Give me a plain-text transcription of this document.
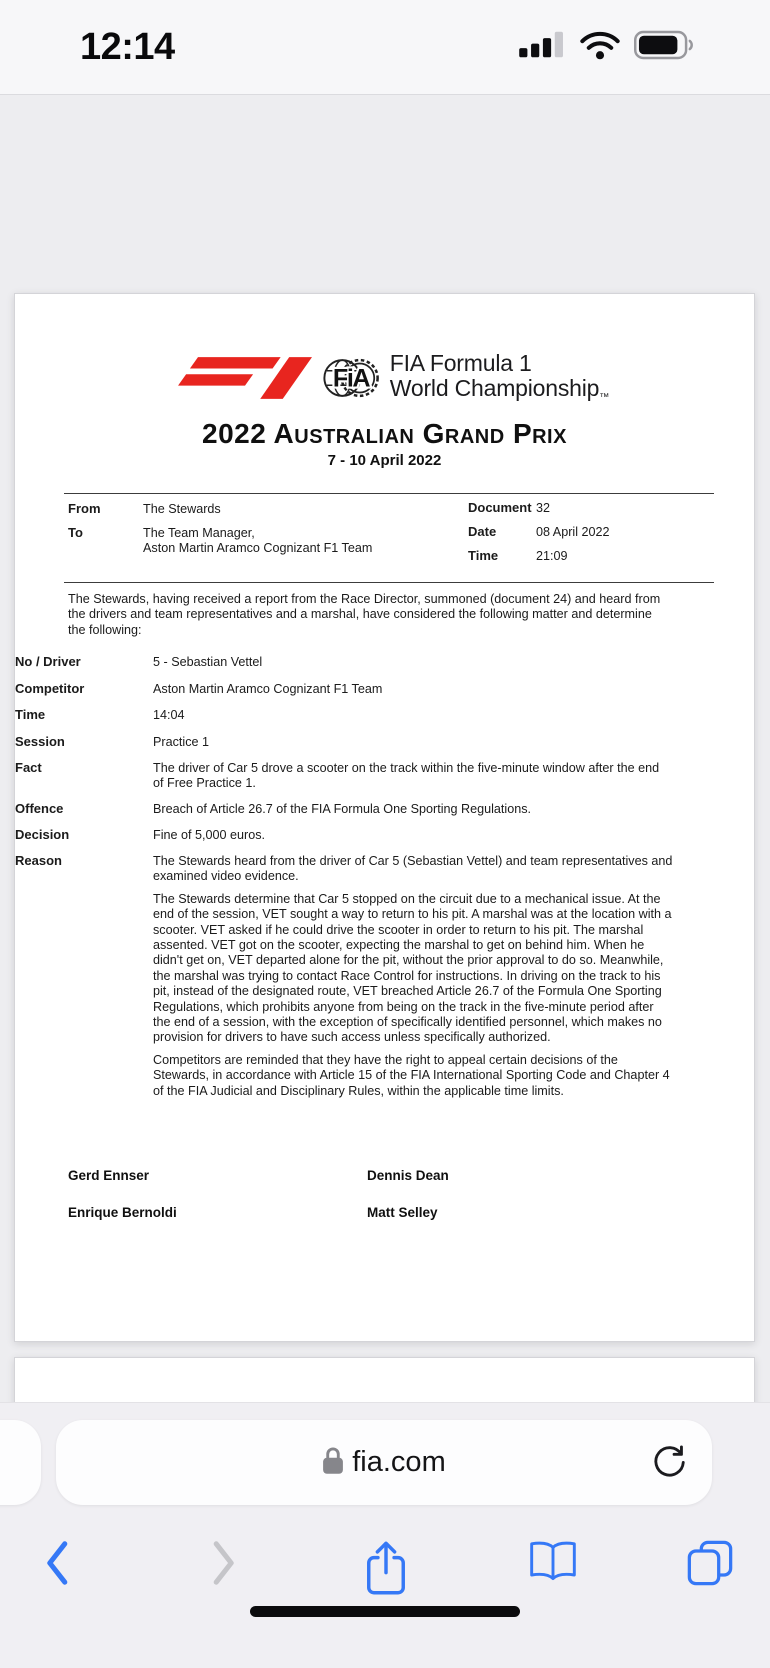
12:14
FiA
FIA Formula 1
World Championship™
2022 Australian Grand Prix
7 - 10 April 2022
From	The Stewards
To	The Team Manager,
Aston Martin Aramco Cognizant F1 Team
Document 32
Date	08 April 2022
Time	21:09
The Stewards, having received a report from the Race Director, summoned (document 24) and heard from the drivers and team representatives and a marshal, have considered the following matter and determine the following:
No / Driver	5 - Sebastian Vettel
Competitor	Aston Martin Aramco Cognizant F1 Team
Time	14:04
Session	Practice 1
Fact	The driver of Car 5 drove a scooter on the track within the five-minute window after the end of Free Practice 1.
Offence	Breach of Article 26.7 of the FIA Formula One Sporting Regulations.
Decision	Fine of 5,000 euros.
Reason	The Stewards heard from the driver of Car 5 (Sebastian Vettel) and team representatives and examined video evidence.

The Stewards determine that Car 5 stopped on the circuit due to a mechanical issue. At the end of the session, VET sought a way to return to his pit. A marshal was at the location with a scooter. VET asked if he could drive the scooter in order to return to his pit. The marshal assented. VET got on the scooter, expecting the marshal to get on behind him. When he didn't get on, VET departed alone for the pit, without the prior approval to do so. Meanwhile, the marshal was trying to contact Race Control for instructions. In driving on the track to his pit, instead of the designated route, VET breached Article 26.7 of the Formula One Sporting Regulations, which prohibits anyone from being on the track in the five-minute period after the end of a session, with the exception of specifically identified personnel, which makes no provision for drivers to have such access unless specifically authorized.

Competitors are reminded that they have the right to appeal certain decisions of the Stewards, in accordance with Article 15 of the FIA International Sporting Code and Chapter 4 of the FIA Judicial and Disciplinary Rules, within the applicable time limits.

Gerd Ennser	Dennis Dean
Enrique Bernoldi	Matt Selley
fia.com
